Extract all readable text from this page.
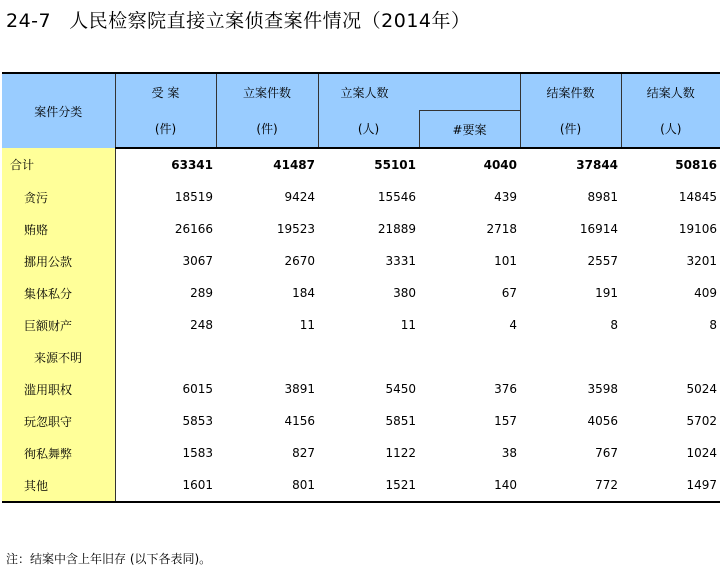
24-7 人民检察院直接立案侦查案件情况（2014年）
案件分类	受 案	立案件数	立案人数		结案件数	结案人数
	(件)	(件)	(人)	#要案	(件)	(人)
合计	63341	41487	55101	4040	37844	50816
贪污	18519	9424	15546	439	8981	14845
贿赂	26166	19523	21889	2718	16914	19106
挪用公款	3067	2670	3331	101	2557	3201
集体私分	289	184	380	67	191	409
巨额财产	248	11	11	4	8	8
来源不明						
滥用职权	6015	3891	5450	376	3598	5024
玩忽职守	5853	4156	5851	157	4056	5702
徇私舞弊	1583	827	1122	38	767	1024
其他	1601	801	1521	140	772	1497
注：结案中含上年旧存 (以下各表同)。
